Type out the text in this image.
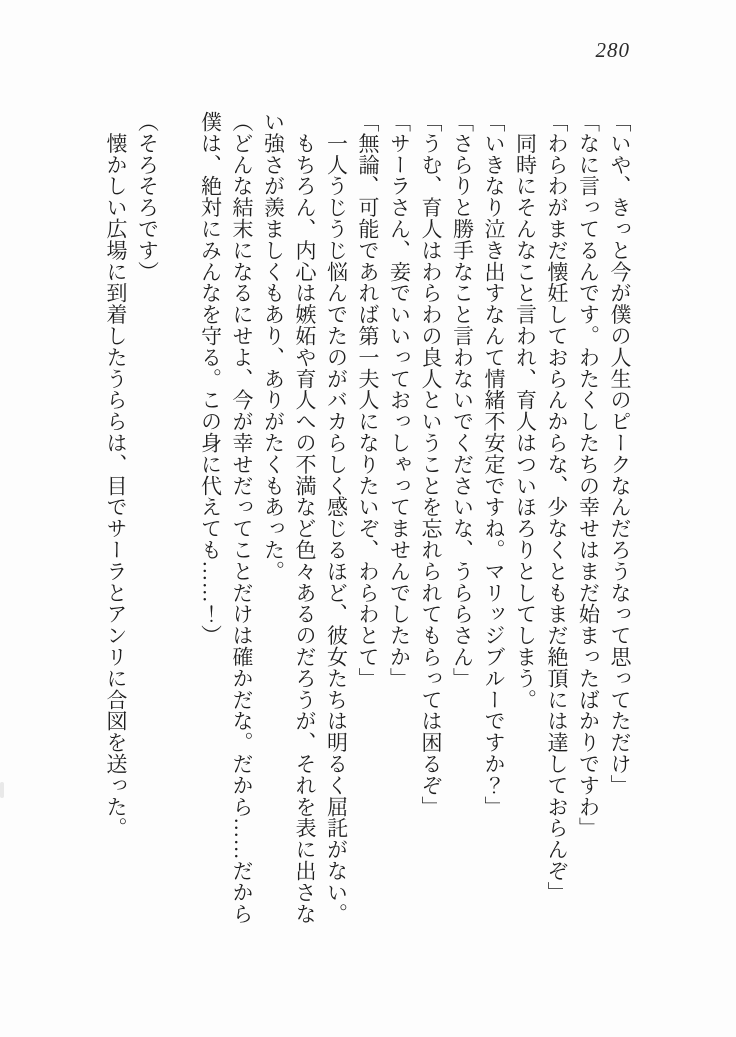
280
「いや、きっと今が僕の人生のピークなんだろうなって思ってただけ」
「なに言ってるんです。わたくしたちの幸せはまだ始まったばかりですわ」
「わらわがまだ懐妊しておらんからな、少なくともまだ絶頂には達しておらんぞ」
　同時にそんなこと言われ、育人はついほろりとしてしまう。
「いきなり泣き出すなんて情緒不安定ですね。マリッジブルーですか？」
「さらりと勝手なこと言わないでくださいな、うららさん」
「うむ、育人はわらわの良人ということを忘れられてもらっては困るぞ」
「サーラさん、妾でいいっておっしゃってませんでしたか」
「無論、可能であれば第一夫人になりたいぞ、わらわとて」
　一人うじうじ悩んでたのがバカらしく感じるほど、彼女たちは明るく屈託がない。
　もちろん、内心は嫉妬や育人への不満など色々あるのだろうが、それを表に出さな
い強さが羨ましくもあり、ありがたくもあった。
（どんな結末になるにせよ、今が幸せだってことだけは確かだな。だから……だから
僕は、絶対にみんなを守る。この身に代えても……！）

（そろそろです）
　懐かしい広場に到着したうららは、目でサーラとアンリに合図を送った。
